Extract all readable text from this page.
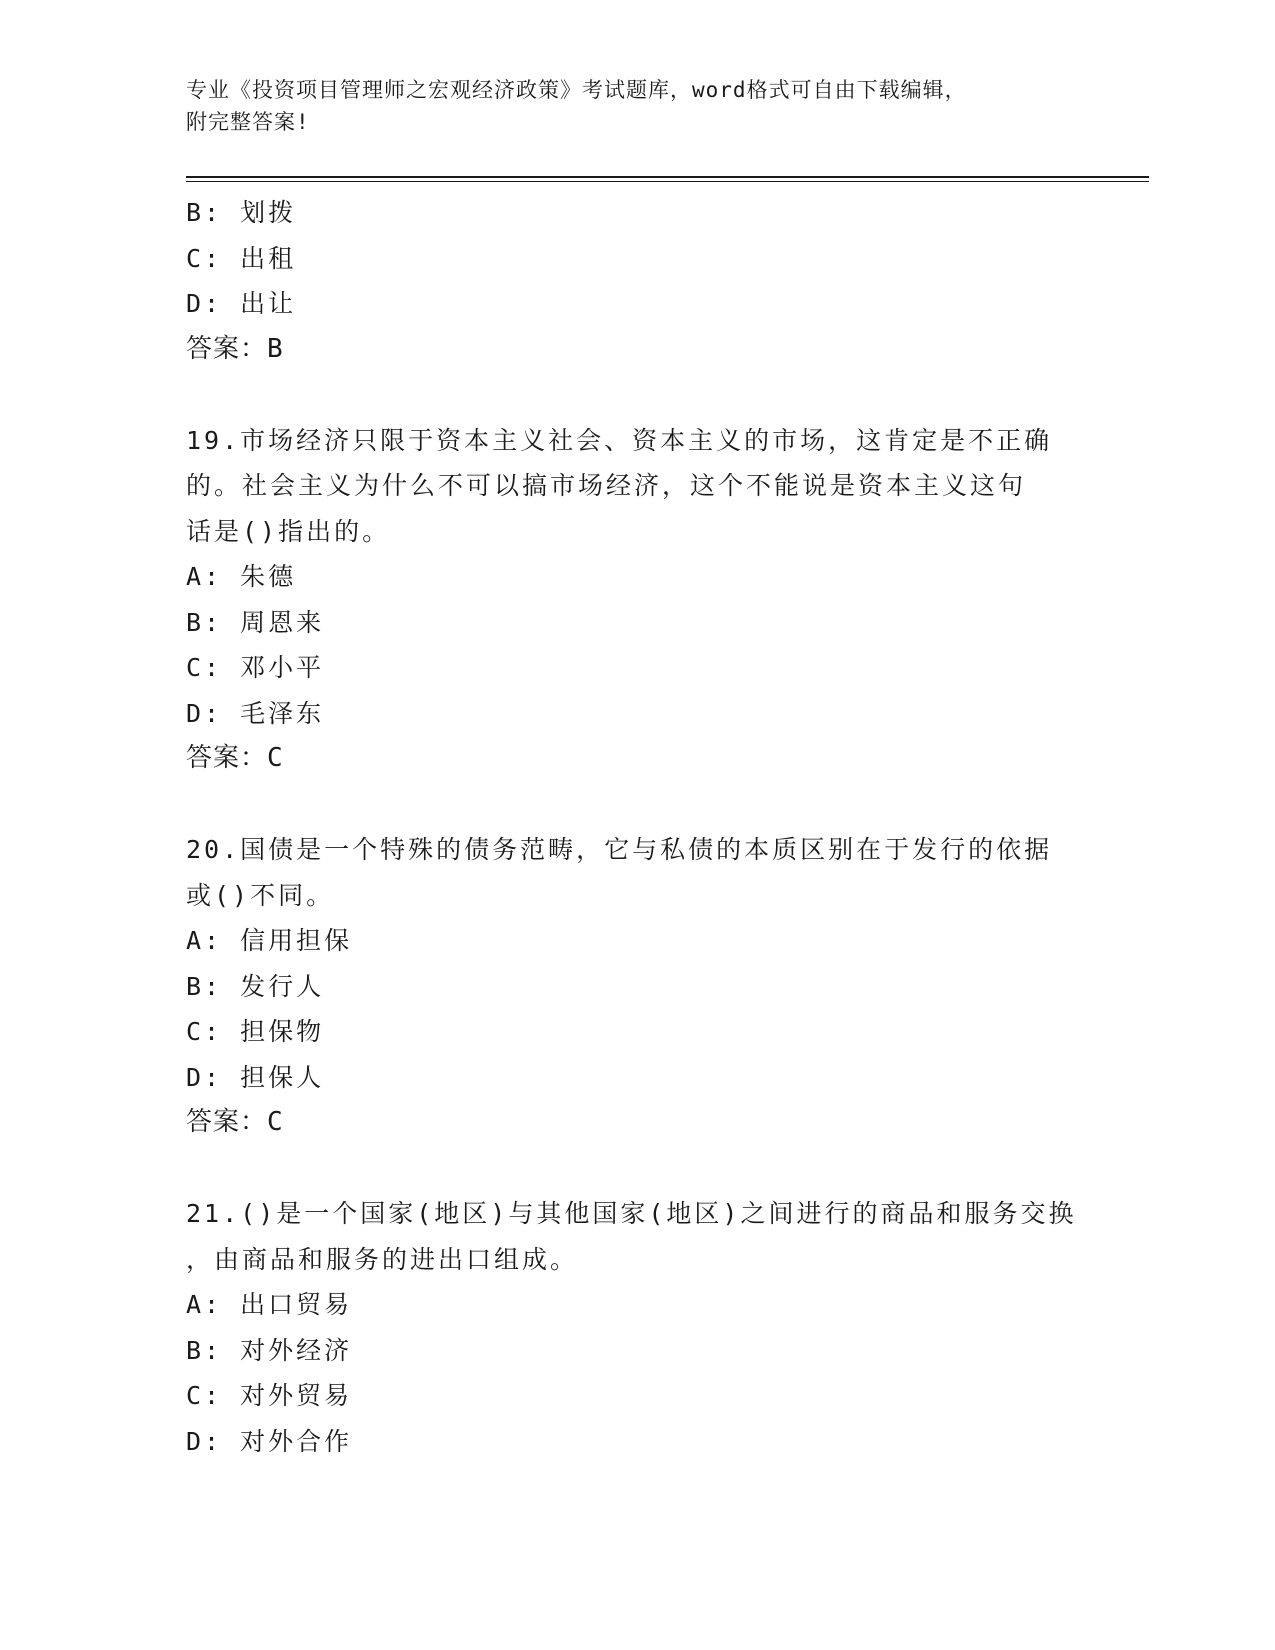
专业《投资项目管理师之宏观经济政策》考试题库，word格式可自由下载编辑，
附完整答案!
B: 划拨
C: 出租
D: 出让
答案：B
19.市场经济只限于资本主义社会、资本主义的市场，这肯定是不正确
的。社会主义为什么不可以搞市场经济，这个不能说是资本主义这句
话是()指出的。
A: 朱德
B: 周恩来
C: 邓小平
D: 毛泽东
答案：C
20.国债是一个特殊的债务范畴，它与私债的本质区别在于发行的依据
或()不同。
A: 信用担保
B: 发行人
C: 担保物
D: 担保人
答案：C
21.()是一个国家(地区)与其他国家(地区)之间进行的商品和服务交换
，由商品和服务的进出口组成。
A: 出口贸易
B: 对外经济
C: 对外贸易
D: 对外合作
